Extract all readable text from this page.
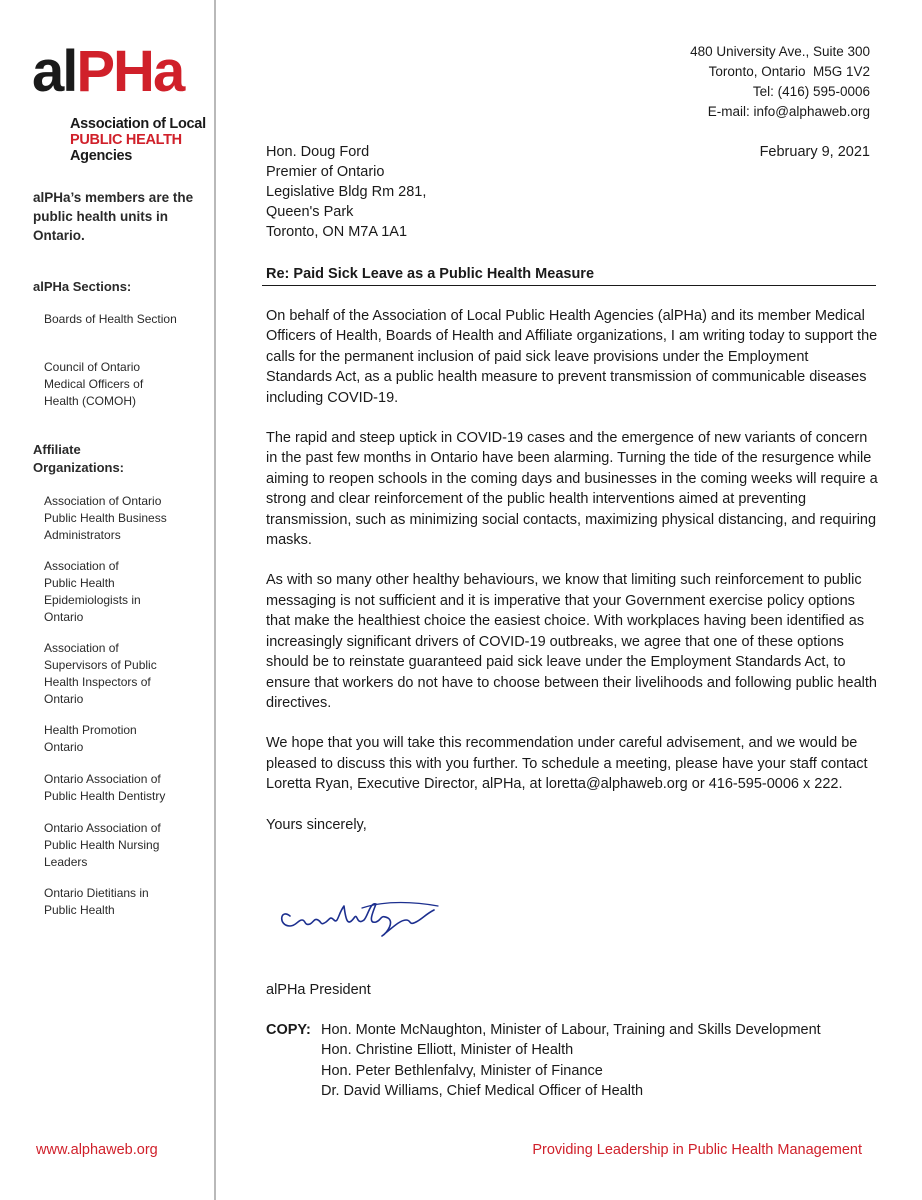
alPHa
Association of Local
PUBLIC HEALTH
Agencies
alPHa’s members are the public health units in Ontario.
alPHa Sections:
Boards of Health Section
Council of Ontario Medical Officers of Health (COMOH)
Affiliate Organizations:
Association of Ontario Public Health Business Administrators
Association of Public Health Epidemiologists in Ontario
Association of Supervisors of Public Health Inspectors of Ontario
Health Promotion Ontario
Ontario Association of Public Health Dentistry
Ontario Association of Public Health Nursing Leaders
Ontario Dietitians in Public Health
480 University Ave., Suite 300
Toronto, Ontario  M5G 1V2
Tel: (416) 595-0006
E-mail: info@alphaweb.org
February 9, 2021
Hon. Doug Ford
Premier of Ontario
Legislative Bldg Rm 281,
Queen's Park
Toronto, ON M7A 1A1
Re: Paid Sick Leave as a Public Health Measure

On behalf of the Association of Local Public Health Agencies (alPHa) and its member Medical Officers of Health, Boards of Health and Affiliate organizations, I am writing today to support the calls for the permanent inclusion of paid sick leave provisions under the Employment Standards Act, as a public health measure to prevent transmission of communicable diseases including COVID-19.

The rapid and steep uptick in COVID-19 cases and the emergence of new variants of concern in the past few months in Ontario have been alarming. Turning the tide of the resurgence while aiming to reopen schools in the coming days and businesses in the coming weeks will require a strong and clear reinforcement of the public health interventions aimed at preventing transmission, such as minimizing social contacts, maximizing physical distancing, and requiring masks.

As with so many other healthy behaviours, we know that limiting such reinforcement to public messaging is not sufficient and it is imperative that your Government exercise policy options that make the healthiest choice the easiest choice. With workplaces having been identified as increasingly significant drivers of COVID-19 outbreaks, we agree that one of these options should be to reinstate guaranteed paid sick leave under the Employment Standards Act, to ensure that workers do not have to choose between their livelihoods and following public health directives.

We hope that you will take this recommendation under careful advisement, and we would be pleased to discuss this with you further. To schedule a meeting, please have your staff contact Loretta Ryan, Executive Director, alPHa, at loretta@alphaweb.org or 416-595-0006 x 222.

Yours sincerely,

alPHa President
COPY: Hon. Monte McNaughton, Minister of Labour, Training and Skills Development
Hon. Christine Elliott, Minister of Health
Hon. Peter Bethlenfalvy, Minister of Finance
Dr. David Williams, Chief Medical Officer of Health
www.alphaweb.org	Providing Leadership in Public Health Management
